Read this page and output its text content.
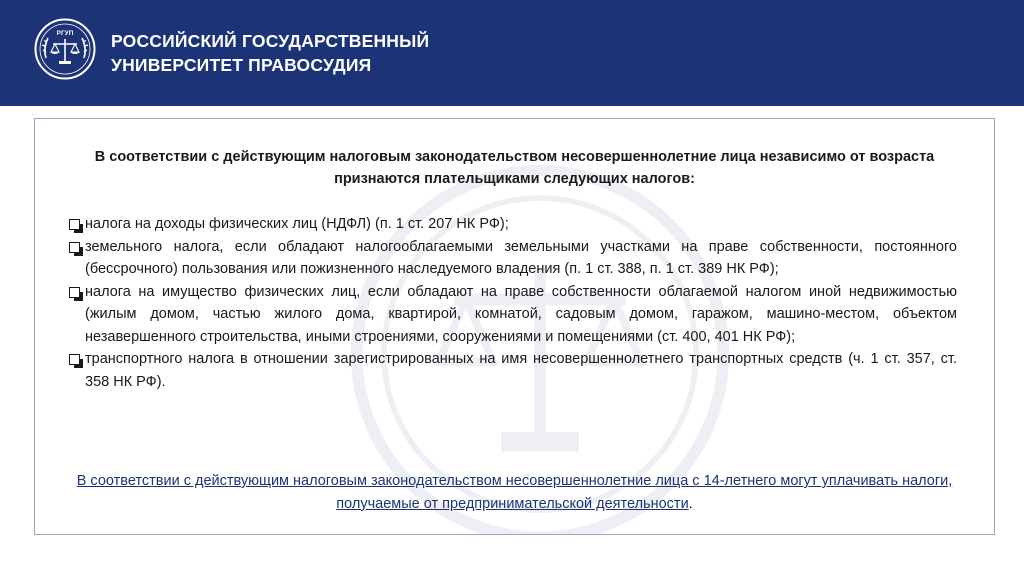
РГУП РОССИЙСКИЙ ГОСУДАРСТВЕННЫЙ
УНИВЕРСИТЕТ ПРАВОСУДИЯ
В соответствии с действующим налоговым законодательством несовершеннолетние лица независимо от возраста признаются плательщиками следующих налогов:
налога на доходы физических лиц (НДФЛ) (п. 1 ст. 207 НК РФ);
земельного налога, если обладают налогооблагаемыми земельными участками на праве собственности, постоянного (бессрочного) пользования или пожизненного наследуемого владения (п. 1 ст. 388, п. 1 ст. 389 НК РФ);
налога на имущество физических лиц, если обладают на праве собственности облагаемой налогом иной недвижимостью (жилым домом, частью жилого дома, квартирой, комнатой, садовым домом, гаражом, машино-местом, объектом незавершенного строительства, иными строениями, сооружениями и помещениями (ст. 400, 401 НК РФ);
транспортного налога в отношении зарегистрированных на имя несовершеннолетнего транспортных средств (ч. 1 ст. 357, ст. 358 НК РФ).
В соответствии с действующим налоговым законодательством несовершеннолетние лица с 14-летнего могут уплачивать налоги, получаемые от предпринимательской деятельности.
